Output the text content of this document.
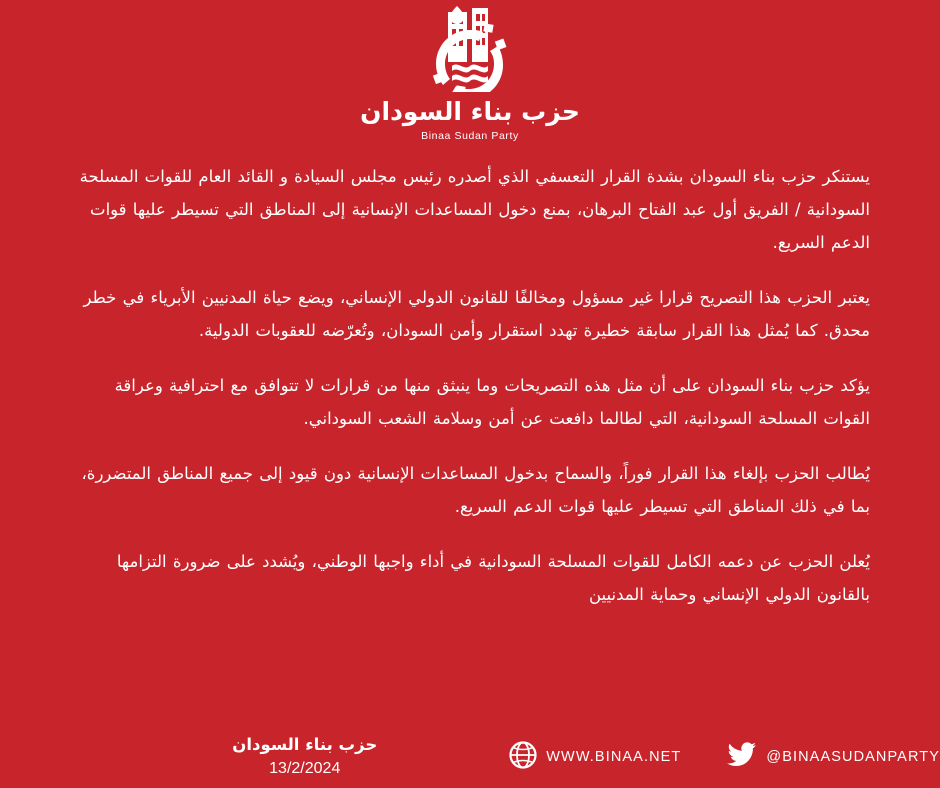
حزب بناء السودان
Binaa Sudan Party

يستنكر حزب بناء السودان بشدة القرار التعسفي الذي أصدره رئيس مجلس السيادة و القائد العام للقوات المسلحة السودانية / الفريق أول عبد الفتاح البرهان، بمنع دخول المساعدات الإنسانية إلى المناطق التي تسيطر عليها قوات الدعم السريع.

يعتبر الحزب هذا التصريح قرارا غير مسؤول ومخالفًا للقانون الدولي الإنساني، ويضع حياة المدنيين الأبرياء في خطر محدق. كما يُمثل هذا القرار سابقة خطيرة تهدد استقرار وأمن السودان، وتُعرّضه للعقوبات الدولية.

يؤكد حزب بناء السودان على أن مثل هذه التصريحات وما ينبثق منها من قرارات لا تتوافق مع احترافية وعراقة القوات المسلحة السودانية، التي لطالما دافعت عن أمن وسلامة الشعب السوداني.

يُطالب الحزب بإلغاء هذا القرار فوراً، والسماح بدخول المساعدات الإنسانية دون قيود إلى جميع المناطق المتضررة، بما في ذلك المناطق التي تسيطر عليها قوات الدعم السريع.

يُعلن الحزب عن دعمه الكامل للقوات المسلحة السودانية في أداء واجبها الوطني، ويُشدد على ضرورة التزامها بالقانون الدولي الإنساني وحماية المدنيين

WWW.BINAA.NET	@BINAASUDANPARTY
حزب بناء السودان
13/2/2024
